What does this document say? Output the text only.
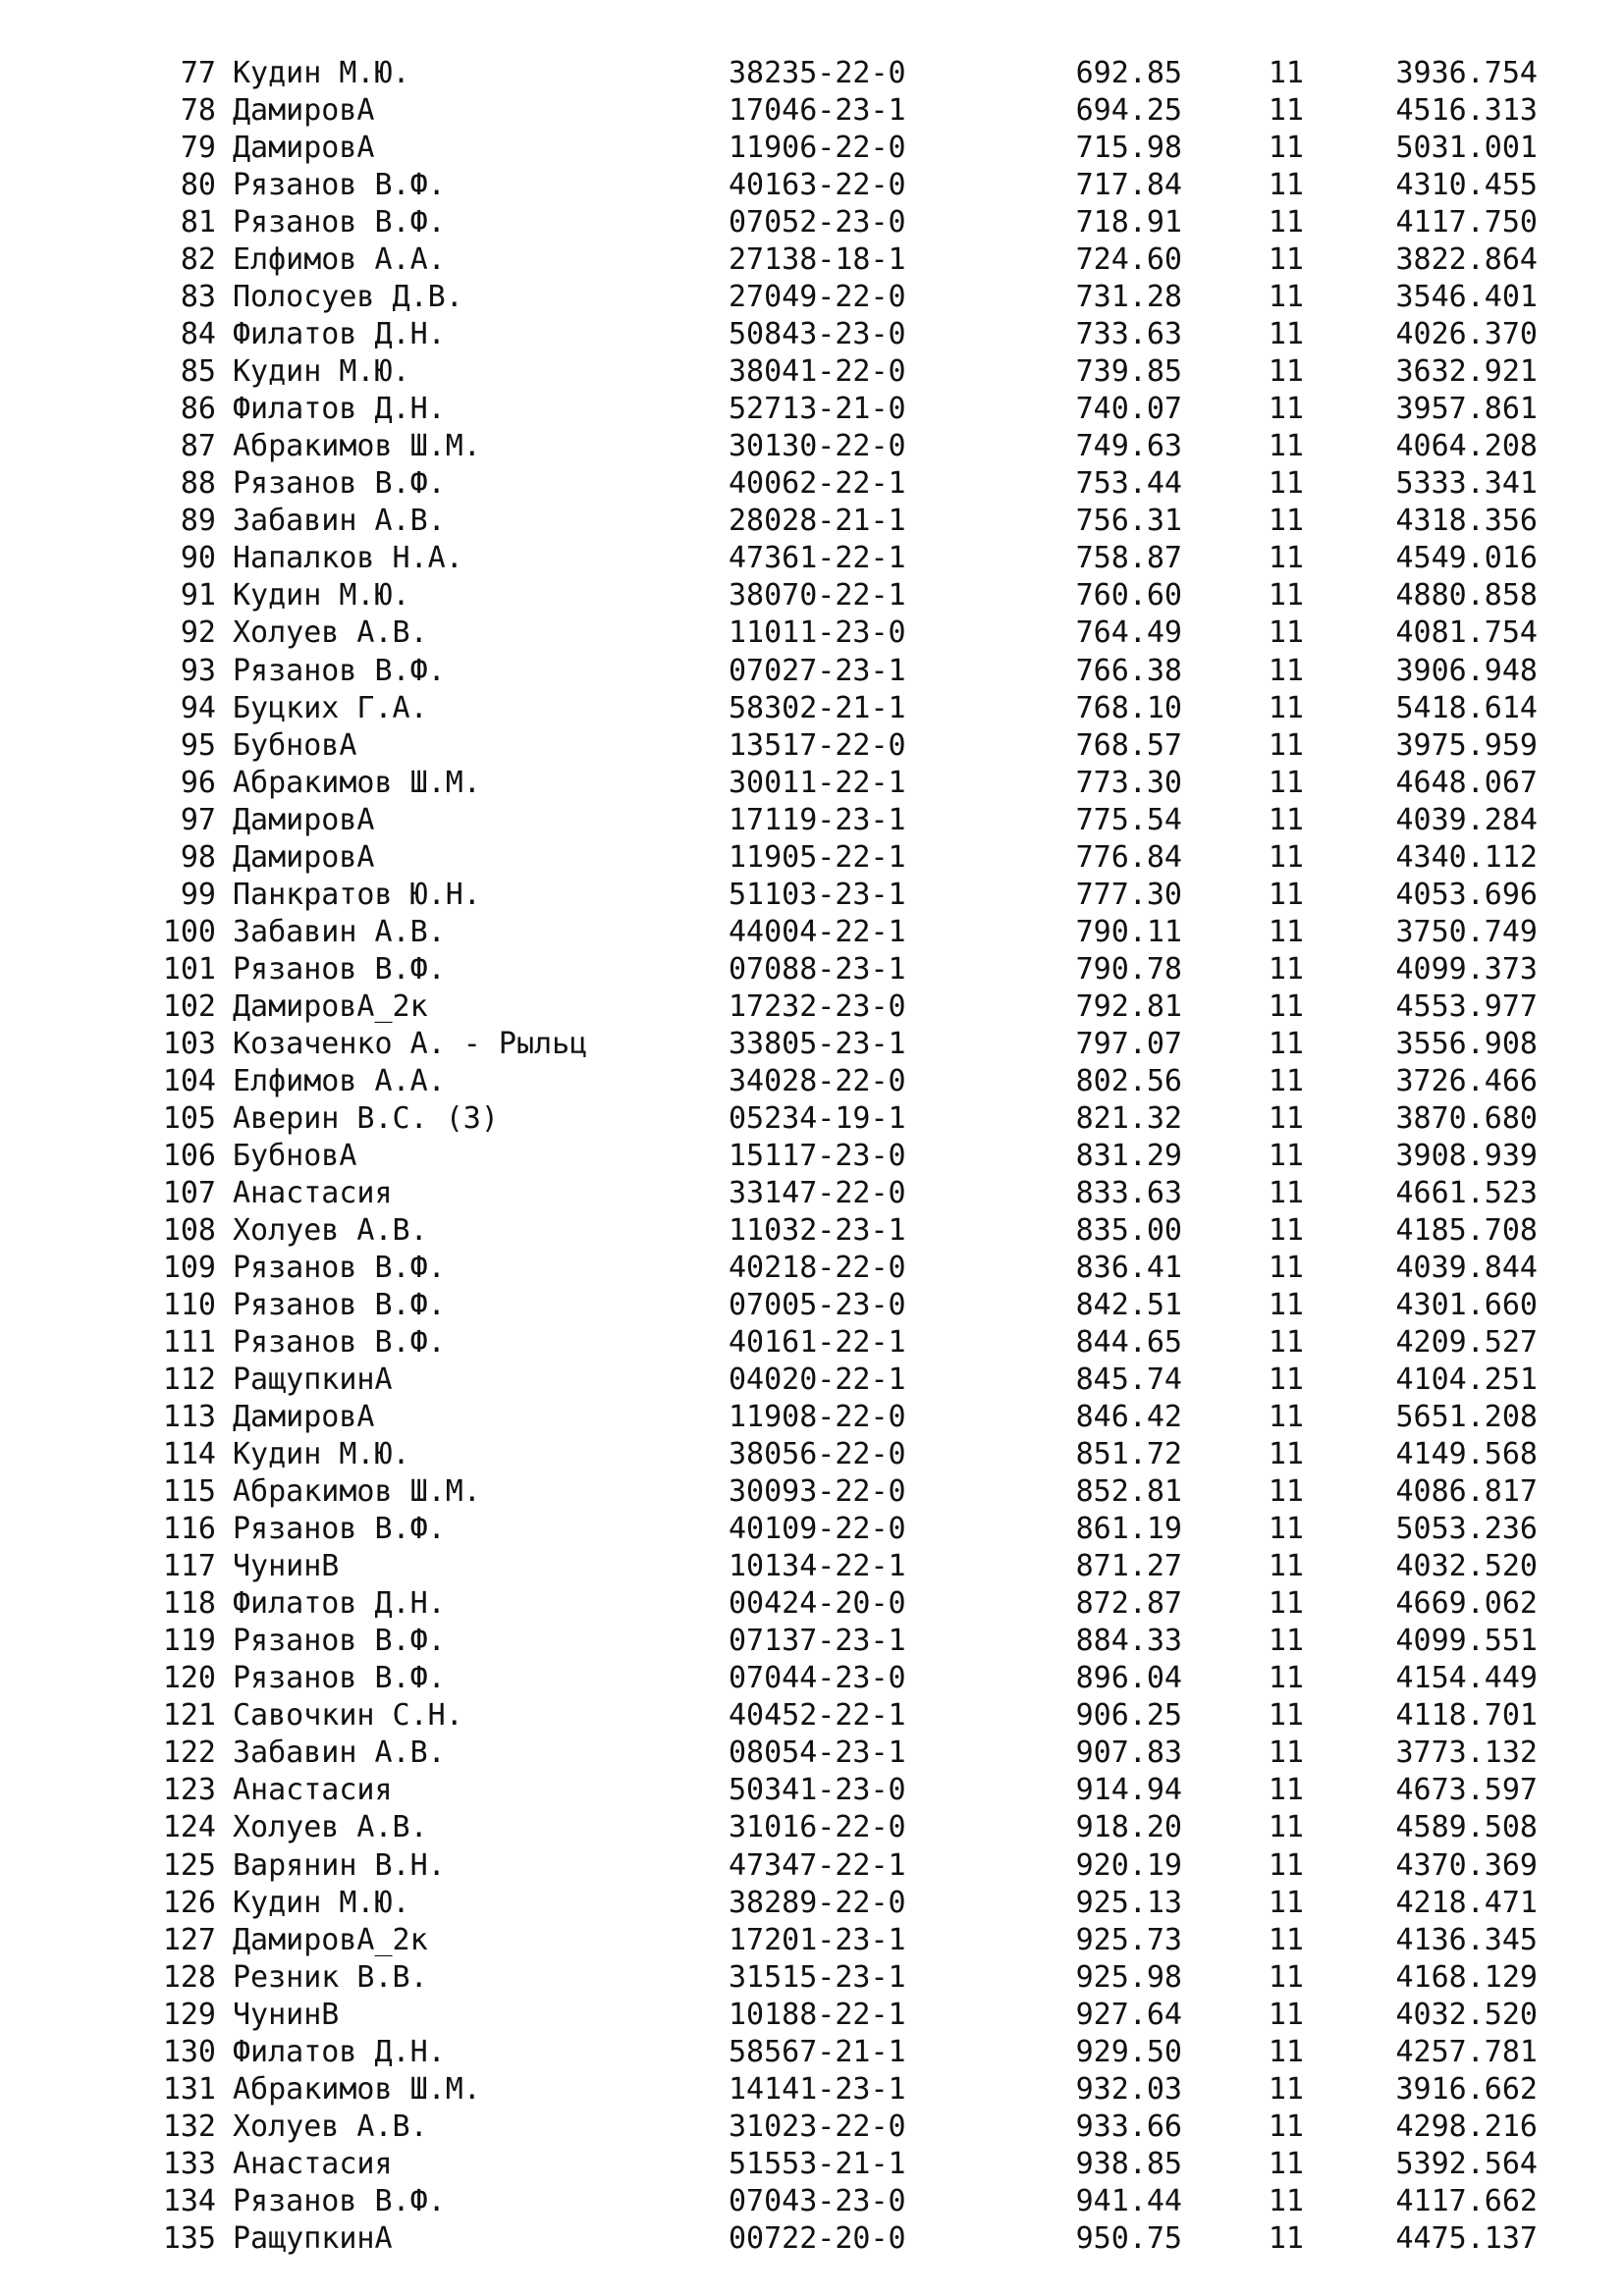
77 Кудин М.Ю.	38235-22-0	692.85	11	3936.754
78 ДамировА	17046-23-1	694.25	11	4516.313
79 ДамировА	11906-22-0	715.98	11	5031.001
80 Рязанов В.Ф.	40163-22-0	717.84	11	4310.455
81 Рязанов В.Ф.	07052-23-0	718.91	11	4117.750
82 Елфимов А.А.	27138-18-1	724.60	11	3822.864
83 Полосуев Д.В.	27049-22-0	731.28	11	3546.401
84 Филатов Д.Н.	50843-23-0	733.63	11	4026.370
85 Кудин М.Ю.	38041-22-0	739.85	11	3632.921
86 Филатов Д.Н.	52713-21-0	740.07	11	3957.861
87 Абракимов Ш.М.	30130-22-0	749.63	11	4064.208
88 Рязанов В.Ф.	40062-22-1	753.44	11	5333.341
89 Забавин А.В.	28028-21-1	756.31	11	4318.356
90 Напалков Н.А.	47361-22-1	758.87	11	4549.016
91 Кудин М.Ю.	38070-22-1	760.60	11	4880.858
92 Холуев А.В.	11011-23-0	764.49	11	4081.754
93 Рязанов В.Ф.	07027-23-1	766.38	11	3906.948
94 Буцких Г.А.	58302-21-1	768.10	11	5418.614
95 БубновА	13517-22-0	768.57	11	3975.959
96 Абракимов Ш.М.	30011-22-1	773.30	11	4648.067
97 ДамировА	17119-23-1	775.54	11	4039.284
98 ДамировА	11905-22-1	776.84	11	4340.112
99 Панкратов Ю.Н.	51103-23-1	777.30	11	4053.696
100 Забавин А.В.	44004-22-1	790.11	11	3750.749
101 Рязанов В.Ф.	07088-23-1	790.78	11	4099.373
102 ДамировА_2к	17232-23-0	792.81	11	4553.977
103 Козаченко А. - Рыльц	33805-23-1	797.07	11	3556.908
104 Елфимов А.А.	34028-22-0	802.56	11	3726.466
105 Аверин В.С. (З)	05234-19-1	821.32	11	3870.680
106 БубновА	15117-23-0	831.29	11	3908.939
107 Анастасия	33147-22-0	833.63	11	4661.523
108 Холуев А.В.	11032-23-1	835.00	11	4185.708
109 Рязанов В.Ф.	40218-22-0	836.41	11	4039.844
110 Рязанов В.Ф.	07005-23-0	842.51	11	4301.660
111 Рязанов В.Ф.	40161-22-1	844.65	11	4209.527
112 РащупкинА	04020-22-1	845.74	11	4104.251
113 ДамировА	11908-22-0	846.42	11	5651.208
114 Кудин М.Ю.	38056-22-0	851.72	11	4149.568
115 Абракимов Ш.М.	30093-22-0	852.81	11	4086.817
116 Рязанов В.Ф.	40109-22-0	861.19	11	5053.236
117 ЧунинВ	10134-22-1	871.27	11	4032.520
118 Филатов Д.Н.	00424-20-0	872.87	11	4669.062
119 Рязанов В.Ф.	07137-23-1	884.33	11	4099.551
120 Рязанов В.Ф.	07044-23-0	896.04	11	4154.449
121 Савочкин С.Н.	40452-22-1	906.25	11	4118.701
122 Забавин А.В.	08054-23-1	907.83	11	3773.132
123 Анастасия	50341-23-0	914.94	11	4673.597
124 Холуев А.В.	31016-22-0	918.20	11	4589.508
125 Варянин В.Н.	47347-22-1	920.19	11	4370.369
126 Кудин М.Ю.	38289-22-0	925.13	11	4218.471
127 ДамировА_2к	17201-23-1	925.73	11	4136.345
128 Резник В.В.	31515-23-1	925.98	11	4168.129
129 ЧунинВ	10188-22-1	927.64	11	4032.520
130 Филатов Д.Н.	58567-21-1	929.50	11	4257.781
131 Абракимов Ш.М.	14141-23-1	932.03	11	3916.662
132 Холуев А.В.	31023-22-0	933.66	11	4298.216
133 Анастасия	51553-21-1	938.85	11	5392.564
134 Рязанов В.Ф.	07043-23-0	941.44	11	4117.662
135 РащупкинА	00722-20-0	950.75	11	4475.137
